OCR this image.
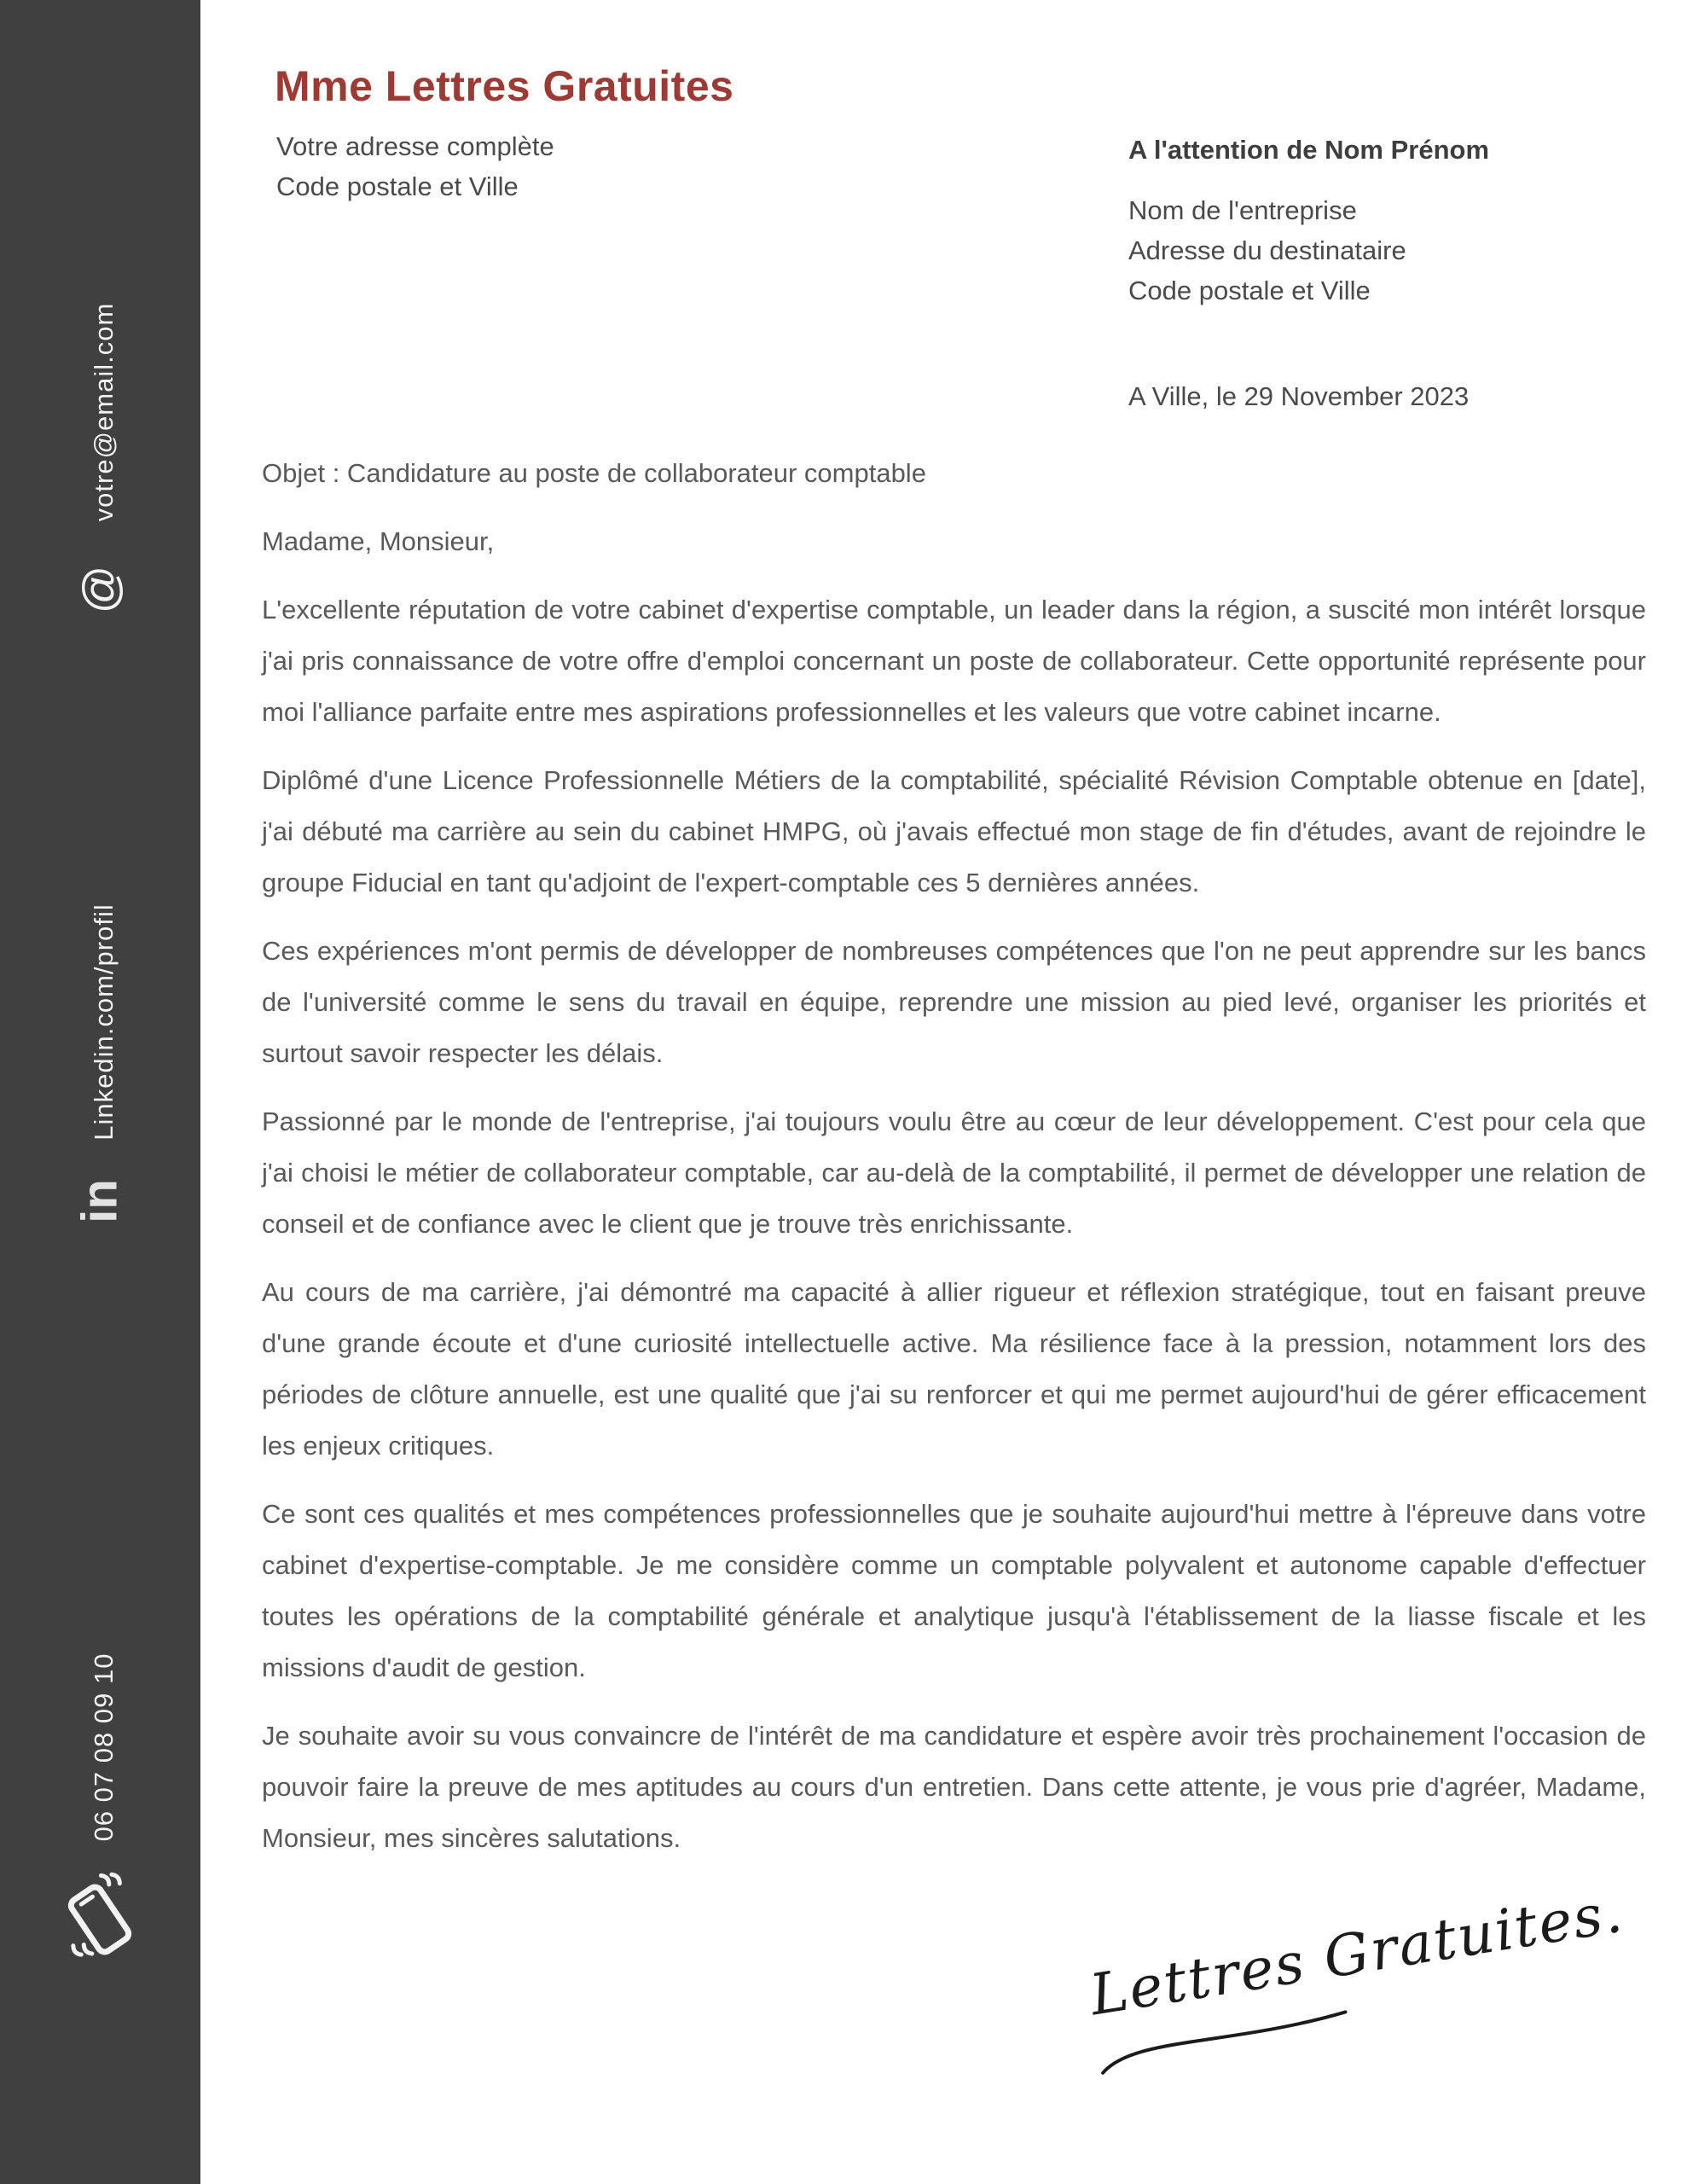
votre@email.com
@
Linkedin.com/profil
in
06 07 08 09 10
Mme Lettres Gratuites
Votre adresse complète
Code postale et Ville
A l'attention de Nom Prénom
Nom de l'entreprise
Adresse du destinataire
Code postale et Ville
A Ville, le 29 November 2023
Objet : Candidature au poste de collaborateur comptable
Madame, Monsieur,

L'excellente réputation de votre cabinet d'expertise comptable, un leader dans la région, a suscité mon intérêt lorsque j'ai pris connaissance de votre offre d'emploi concernant un poste de collaborateur. Cette opportunité représente pour moi l'alliance parfaite entre mes aspirations professionnelles et les valeurs que votre cabinet incarne.

Diplômé d'une Licence Professionnelle Métiers de la comptabilité, spécialité Révision Comptable obtenue en [date], j'ai débuté ma carrière au sein du cabinet HMPG, où j'avais effectué mon stage de fin d'études, avant de rejoindre le groupe Fiducial en tant qu'adjoint de l'expert-comptable ces 5 dernières années.

Ces expériences m'ont permis de développer de nombreuses compétences que l'on ne peut apprendre sur les bancs de l'université comme le sens du travail en équipe, reprendre une mission au pied levé, organiser les priorités et surtout savoir respecter les délais.

Passionné par le monde de l'entreprise, j'ai toujours voulu être au cœur de leur développement. C'est pour cela que j'ai choisi le métier de collaborateur comptable, car au-delà de la comptabilité, il permet de développer une relation de conseil et de confiance avec le client que je trouve très enrichissante.

Au cours de ma carrière, j'ai démontré ma capacité à allier rigueur et réflexion stratégique, tout en faisant preuve d'une grande écoute et d'une curiosité intellectuelle active. Ma résilience face à la pression, notamment lors des périodes de clôture annuelle, est une qualité que j'ai su renforcer et qui me permet aujourd'hui de gérer efficacement les enjeux critiques.

Ce sont ces qualités et mes compétences professionnelles que je souhaite aujourd'hui mettre à l'épreuve dans votre cabinet d'expertise-comptable. Je me considère comme un comptable polyvalent et autonome capable d'effectuer toutes les opérations de la comptabilité générale et analytique jusqu'à l'établissement de la liasse fiscale et les missions d'audit de gestion.

Je souhaite avoir su vous convaincre de l'intérêt de ma candidature et espère avoir très prochainement l'occasion de pouvoir faire la preuve de mes aptitudes au cours d'un entretien. Dans cette attente, je vous prie d'agréer, Madame, Monsieur, mes sincères salutations.

Lettres Gratuites.
